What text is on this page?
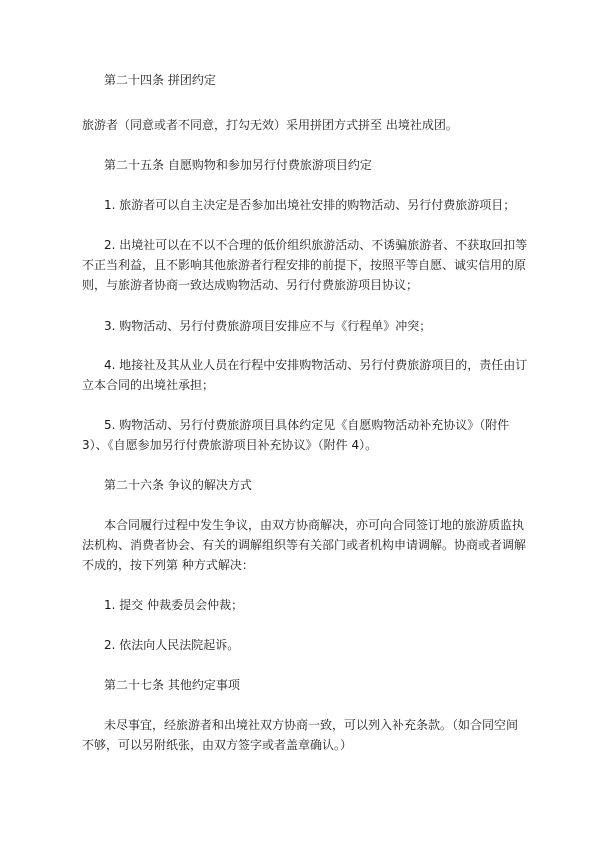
第二十四条 拼团约定
旅游者（同意或者不同意，打勾无效）采用拼团方式拼至 出境社成团。
第二十五条 自愿购物和参加另行付费旅游项目约定
1. 旅游者可以自主决定是否参加出境社安排的购物活动、另行付费旅游项目；
2. 出境社可以在不以不合理的低价组织旅游活动、不诱骗旅游者、不获取回扣等
不正当利益，且不影响其他旅游者行程安排的前提下，按照平等自愿、诚实信用的原
则，与旅游者协商一致达成购物活动、另行付费旅游项目协议；
3. 购物活动、另行付费旅游项目安排应不与《行程单》冲突；
4. 地接社及其从业人员在行程中安排购物活动、另行付费旅游项目的，责任由订
立本合同的出境社承担；
5. 购物活动、另行付费旅游项目具体约定见《自愿购物活动补充协议》（附件
3）、《自愿参加另行付费旅游项目补充协议》（附件 4）。
第二十六条 争议的解决方式
本合同履行过程中发生争议，由双方协商解决，亦可向合同签订地的旅游质监执
法机构、消费者协会、有关的调解组织等有关部门或者机构申请调解。协商或者调解
不成的，按下列第 种方式解决：
1. 提交 仲裁委员会仲裁；
2. 依法向人民法院起诉。
第二十七条 其他约定事项
未尽事宜，经旅游者和出境社双方协商一致，可以列入补充条款。（如合同空间
不够，可以另附纸张，由双方签字或者盖章确认。）
